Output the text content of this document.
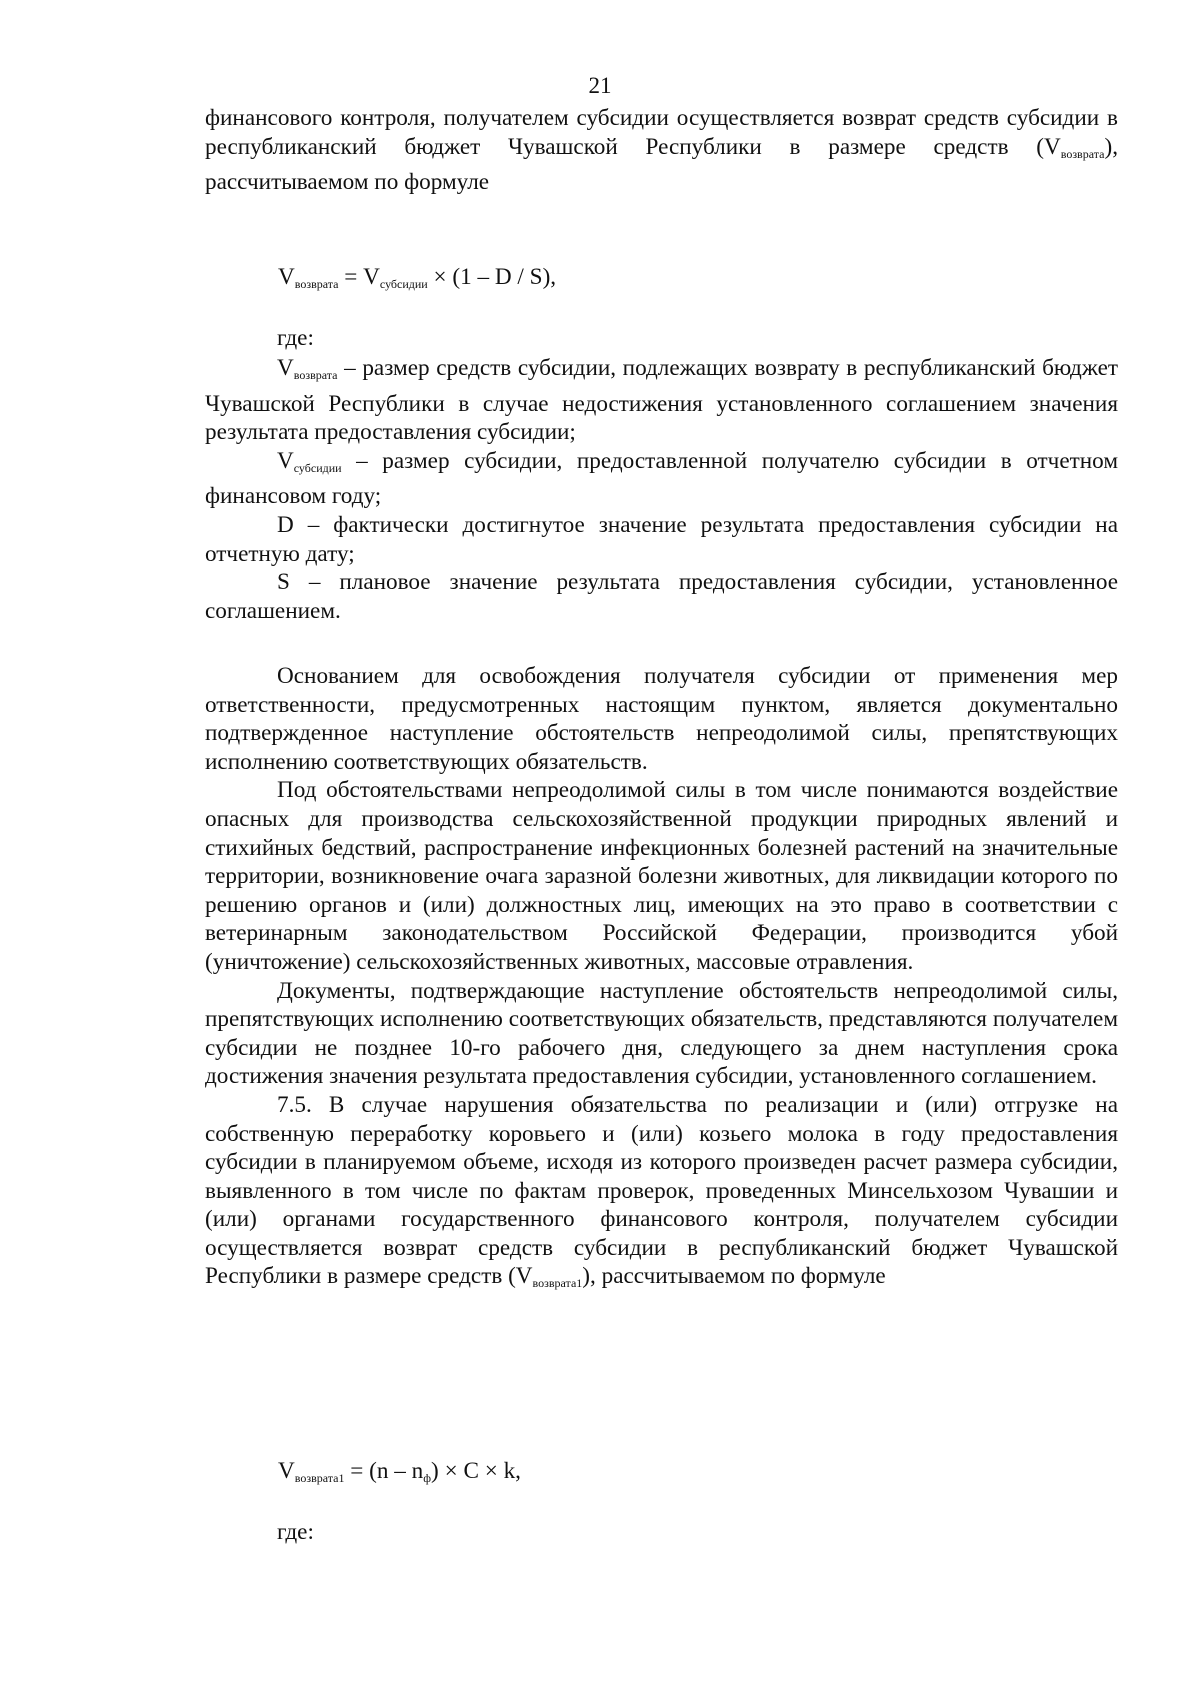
21

финансового контроля, получателем субсидии осуществляется возврат средств субсидии в республиканский бюджет Чувашской Республики в размере средств $(V_{возврата})$, рассчитываемом по формуле

$V_{возврата} = V_{субсидии} \times (1 - D / S)$,
где:

$V_{возврата}$ – размер средств субсидии, подлежащих возврату в республиканский бюджет Чувашской Республики в случае недостижения установленного соглашением значения результата предоставления субсидии;

$V_{субсидии}$ – размер субсидии, предоставленной получателю субсидии в отчетном финансовом году;

D – фактически достигнутое значение результата предоставления субсидии на отчетную дату;

S – плановое значение результата предоставления субсидии, установленное соглашением.

Основанием для освобождения получателя субсидии от применения мер ответственности, предусмотренных настоящим пунктом, является документально подтвержденное наступление обстоятельств непреодолимой силы, препятствующих исполнению соответствующих обязательств.

Под обстоятельствами непреодолимой силы в том числе понимаются воздействие опасных для производства сельскохозяйственной продукции природных явлений и стихийных бедствий, распространение инфекционных болезней растений на значительные территории, возникновение очага заразной болезни животных, для ликвидации которого по решению органов и (или) должностных лиц, имеющих на это право в соответствии с ветеринарным законодательством Российской Федерации, производится убой (уничтожение) сельскохозяйственных животных, массовые отравления.

Документы, подтверждающие наступление обстоятельств непреодолимой силы, препятствующих исполнению соответствующих обязательств, представляются получателем субсидии не позднее 10-го рабочего дня, следующего за днем наступления срока достижения значения результата предоставления субсидии, установленного соглашением.

7.5. В случае нарушения обязательства по реализации и (или) отгрузке на собственную переработку коровьего и (или) козьего молока в году предоставления субсидии в планируемом объеме, исходя из которого произведен расчет размера субсидии, выявленного в том числе по фактам проверок, проведенных Минсельхозом Чувашии и (или) органами государственного финансового контроля, получателем субсидии осуществляется возврат средств субсидии в республиканский бюджет Чувашской Республики в размере средств $(V_{возврата1})$, рассчитываемом по формуле

$V_{возврата1} = (n - n_ф) \times C \times k$,
где:
